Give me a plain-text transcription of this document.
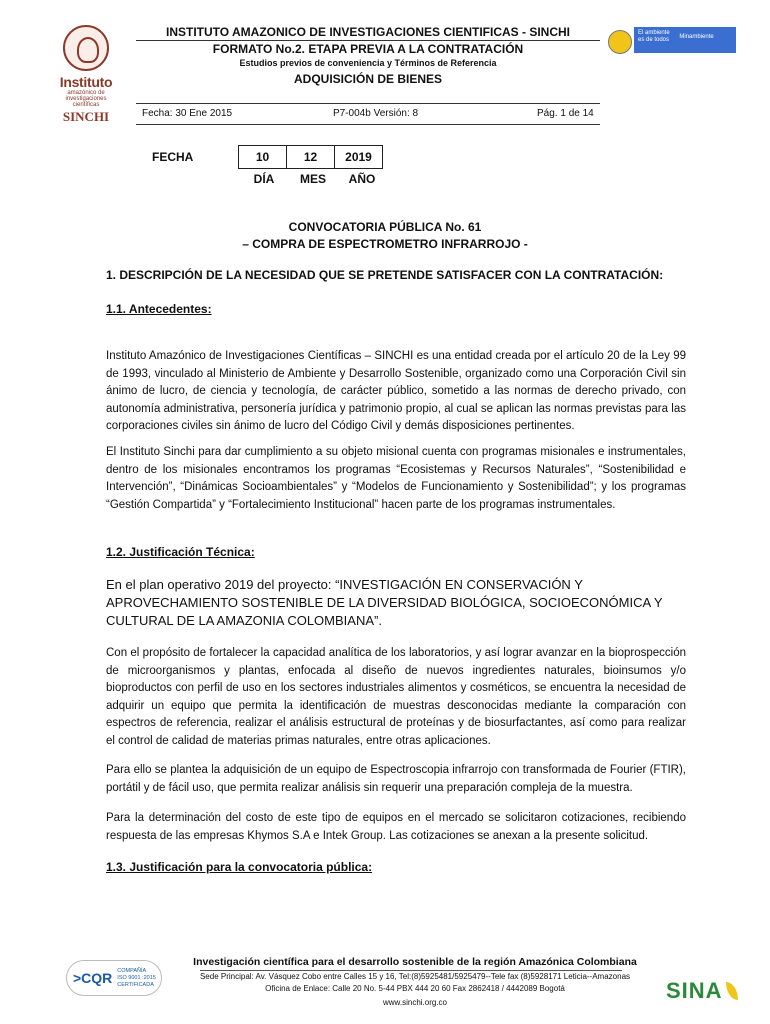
Instituto
amazónico de
investigaciones científicas
SINCHI
INSTITUTO AMAZONICO DE INVESTIGACIONES CIENTIFICAS - SINCHI
FORMATO No.2. ETAPA PREVIA A LA CONTRATACIÓN
Estudios previos de conveniencia y Términos de Referencia
ADQUISICIÓN DE BIENES
Fecha: 30 Ene 2015	P7-004b Versión: 8	Pág. 1 de 14
El ambiente
es de todos Minambiente
FECHA	10	12	2019
DÍA	MES	AÑO
CONVOCATORIA PÚBLICA No. 61
– COMPRA DE ESPECTROMETRO INFRARROJO -
1. DESCRIPCIÓN DE LA NECESIDAD QUE SE PRETENDE SATISFACER CON LA CONTRATACIÓN:
1.1. Antecedentes:
Instituto Amazónico de Investigaciones Científicas – SINCHI es una entidad creada por el artículo 20 de la Ley 99 de 1993, vinculado al Ministerio de Ambiente y Desarrollo Sostenible, organizado como una Corporación Civil sin ánimo de lucro, de ciencia y tecnología, de carácter público, sometido a las normas de derecho privado, con autonomía administrativa, personería jurídica y patrimonio propio, al cual se aplican las normas previstas para las corporaciones civiles sin ánimo de lucro del Código Civil y demás disposiciones pertinentes.
El Instituto Sinchi para dar cumplimiento a su objeto misional cuenta con programas misionales e instrumentales, dentro de los misionales encontramos los programas “Ecosistemas y Recursos Naturales”, “Sostenibilidad e Intervención”, “Dinámicas Socioambientales” y “Modelos de Funcionamiento y Sostenibilidad”; y los programas “Gestión Compartida” y “Fortalecimiento Institucional” hacen parte de los programas instrumentales.
1.2. Justificación Técnica:
En el plan operativo 2019 del proyecto: “INVESTIGACIÓN EN CONSERVACIÓN Y APROVECHAMIENTO SOSTENIBLE DE LA DIVERSIDAD BIOLÓGICA, SOCIOECONÓMICA Y CULTURAL DE LA AMAZONIA COLOMBIANA”.
Con el propósito de fortalecer la capacidad analítica de los laboratorios, y así lograr avanzar en la bioprospección de microorganismos y plantas, enfocada al diseño de nuevos ingredientes naturales, bioinsumos y/o bioproductos con perfil de uso en los sectores industriales alimentos y cosméticos, se encuentra la necesidad de adquirir un equipo que permita la identificación de muestras desconocidas mediante la comparación con espectros de referencia, realizar el análisis estructural de proteínas y de biosurfactantes, así como para realizar el control de calidad de materias primas naturales, entre otras aplicaciones.
Para ello se plantea la adquisición de un equipo de Espectroscopia infrarrojo con transformada de Fourier (FTIR), portátil y de fácil uso, que permita realizar análisis sin requerir una preparación compleja de la muestra.
Para la determinación del costo de este tipo de equipos en el mercado se solicitaron cotizaciones, recibiendo respuesta de las empresas Khymos S.A e Intek Group. Las cotizaciones se anexan a la presente solicitud.
1.3. Justificación para la convocatoria pública:
Investigación científica para el desarrollo sostenible de la región Amazónica Colombiana
Sede Principal: Av. Vásquez Cobo entre Calles 15 y 16, Tel:(8)5925481/5925479--Tele fax (8)5928171 Leticia--Amazonas
Oficina de Enlace: Calle 20 No. 5-44 PBX 444 20 60 Fax 2862418 / 4442089 Bogotá
www.sinchi.org.co
>CQR COMPAÑÍA
ISO 9001 :2015
CERTIFICADA	SINA
